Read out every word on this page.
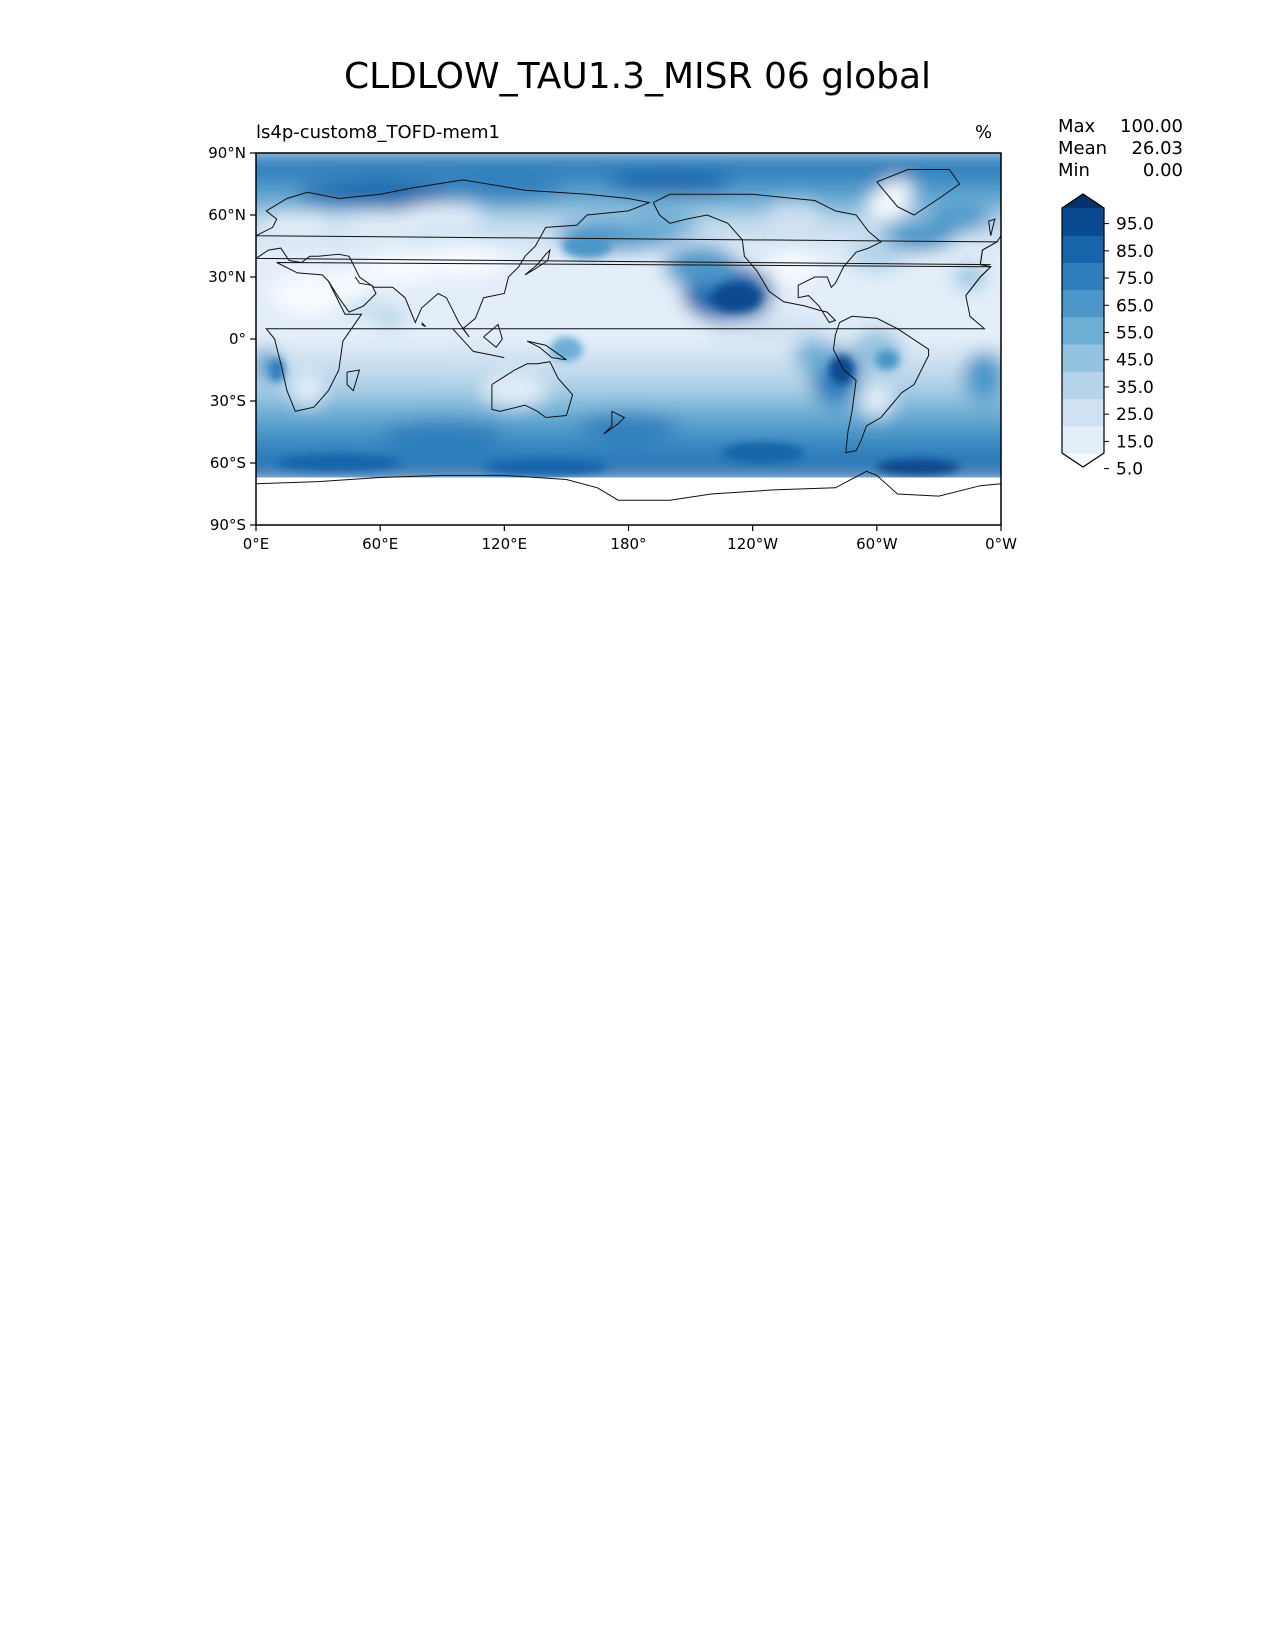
CLDLOW_TAU1.3_MISR 06 global
ls4p-custom8_TOFD-mem1	%	Max 100.00
Mean 26.03
Min	0.00
0°E	60°E	120°E	180°	120°W	60°W	0°W
90°N
60°N
30°N
0°
30°S
60°S
90°S
95.0
85.0
75.0
65.0
55.0
45.0
35.0
25.0
15.0
5.0
